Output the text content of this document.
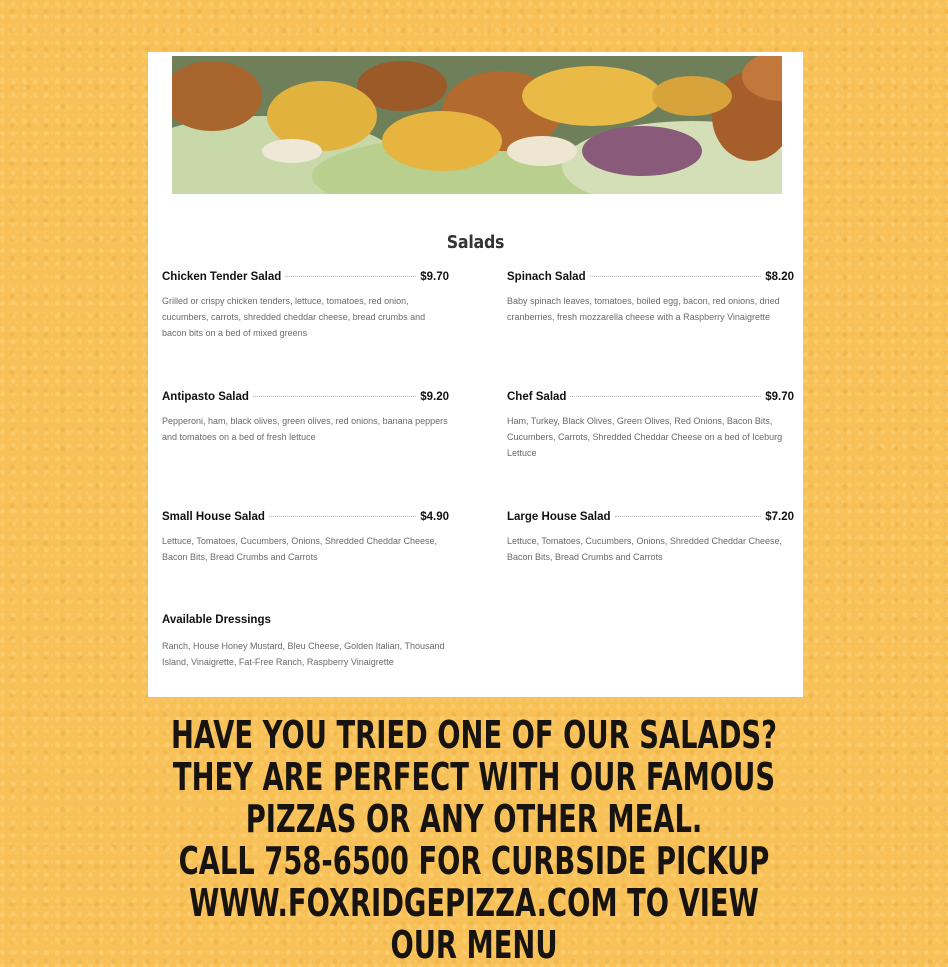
Salads
Chicken Tender Salad	$9.70
Grilled or crispy chicken tenders, lettuce, tomatoes, red onion, cucumbers, carrots, shredded cheddar cheese, bread crumbs and bacon bits on a bed of mixed greens
Spinach Salad	$8.20
Baby spinach leaves, tomatoes, boiled egg, bacon, red onions, dried cranberries, fresh mozzarella cheese with a Raspberry Vinaigrette
Antipasto Salad	$9.20
Pepperoni, ham, black olives, green olives, red onions, banana peppers and tomatoes on a bed of fresh lettuce
Chef Salad	$9.70
Ham, Turkey, Black Olives, Green Olives, Red Onions, Bacon Bits, Cucumbers, Carrots, Shredded Cheddar Cheese on a bed of Iceburg Lettuce
Small House Salad	$4.90
Lettuce, Tomatoes, Cucumbers, Onions, Shredded Cheddar Cheese, Bacon Bits, Bread Crumbs and Carrots
Large House Salad	$7.20
Lettuce, Tomatoes, Cucumbers, Onions, Shredded Cheddar Cheese, Bacon Bits, Bread Crumbs and Carrots
Available Dressings
Ranch, House Honey Mustard, Bleu Cheese, Golden Italian, Thousand Island, Vinaigrette, Fat-Free Ranch, Raspberry Vinaigrette
HAVE YOU TRIED ONE OF OUR SALADS?
THEY ARE PERFECT WITH OUR FAMOUS
PIZZAS OR ANY OTHER MEAL.
CALL 758-6500 FOR CURBSIDE PICKUP
WWW.FOXRIDGEPIZZA.COM TO VIEW
OUR MENU
